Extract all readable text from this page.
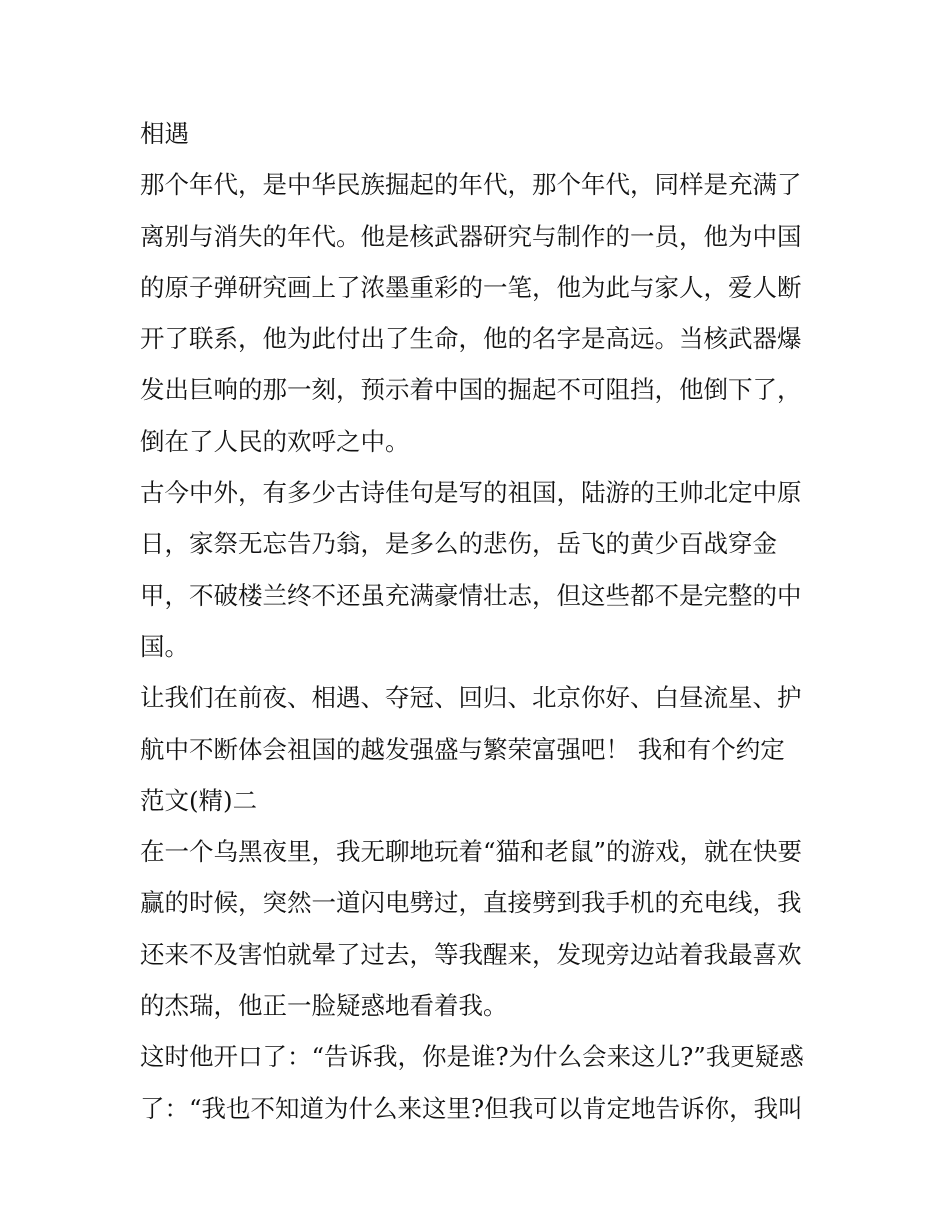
相遇

那个年代，是中华民族掘起的年代，那个年代，同样是充满了
离别与消失的年代。他是核武器研究与制作的一员，他为中国
的原子弹研究画上了浓墨重彩的一笔，他为此与家人，爱人断
开了联系，他为此付出了生命，他的名字是高远。当核武器爆
发出巨响的那一刻，预示着中国的掘起不可阻挡，他倒下了，
倒在了人民的欢呼之中。

古今中外，有多少古诗佳句是写的祖国，陆游的王帅北定中原
日，家祭无忘告乃翁，是多么的悲伤，岳飞的黄少百战穿金
甲，不破楼兰终不还虽充满豪情壮志，但这些都不是完整的中
国。

让我们在前夜、相遇、夺冠、回归、北京你好、白昼流星、护
航中不断体会祖国的越发强盛与繁荣富强吧！ 我和有个约定
范文(精)二

在一个乌黑夜里，我无聊地玩着“猫和老鼠”的游戏，就在快要
赢的时候，突然一道闪电劈过，直接劈到我手机的充电线，我
还来不及害怕就晕了过去，等我醒来，发现旁边站着我最喜欢
的杰瑞，他正一脸疑惑地看着我。

这时他开口了：“告诉我，你是谁?为什么会来这儿?”我更疑惑
了：“我也不知道为什么来这里?但我可以肯定地告诉你，我叫
